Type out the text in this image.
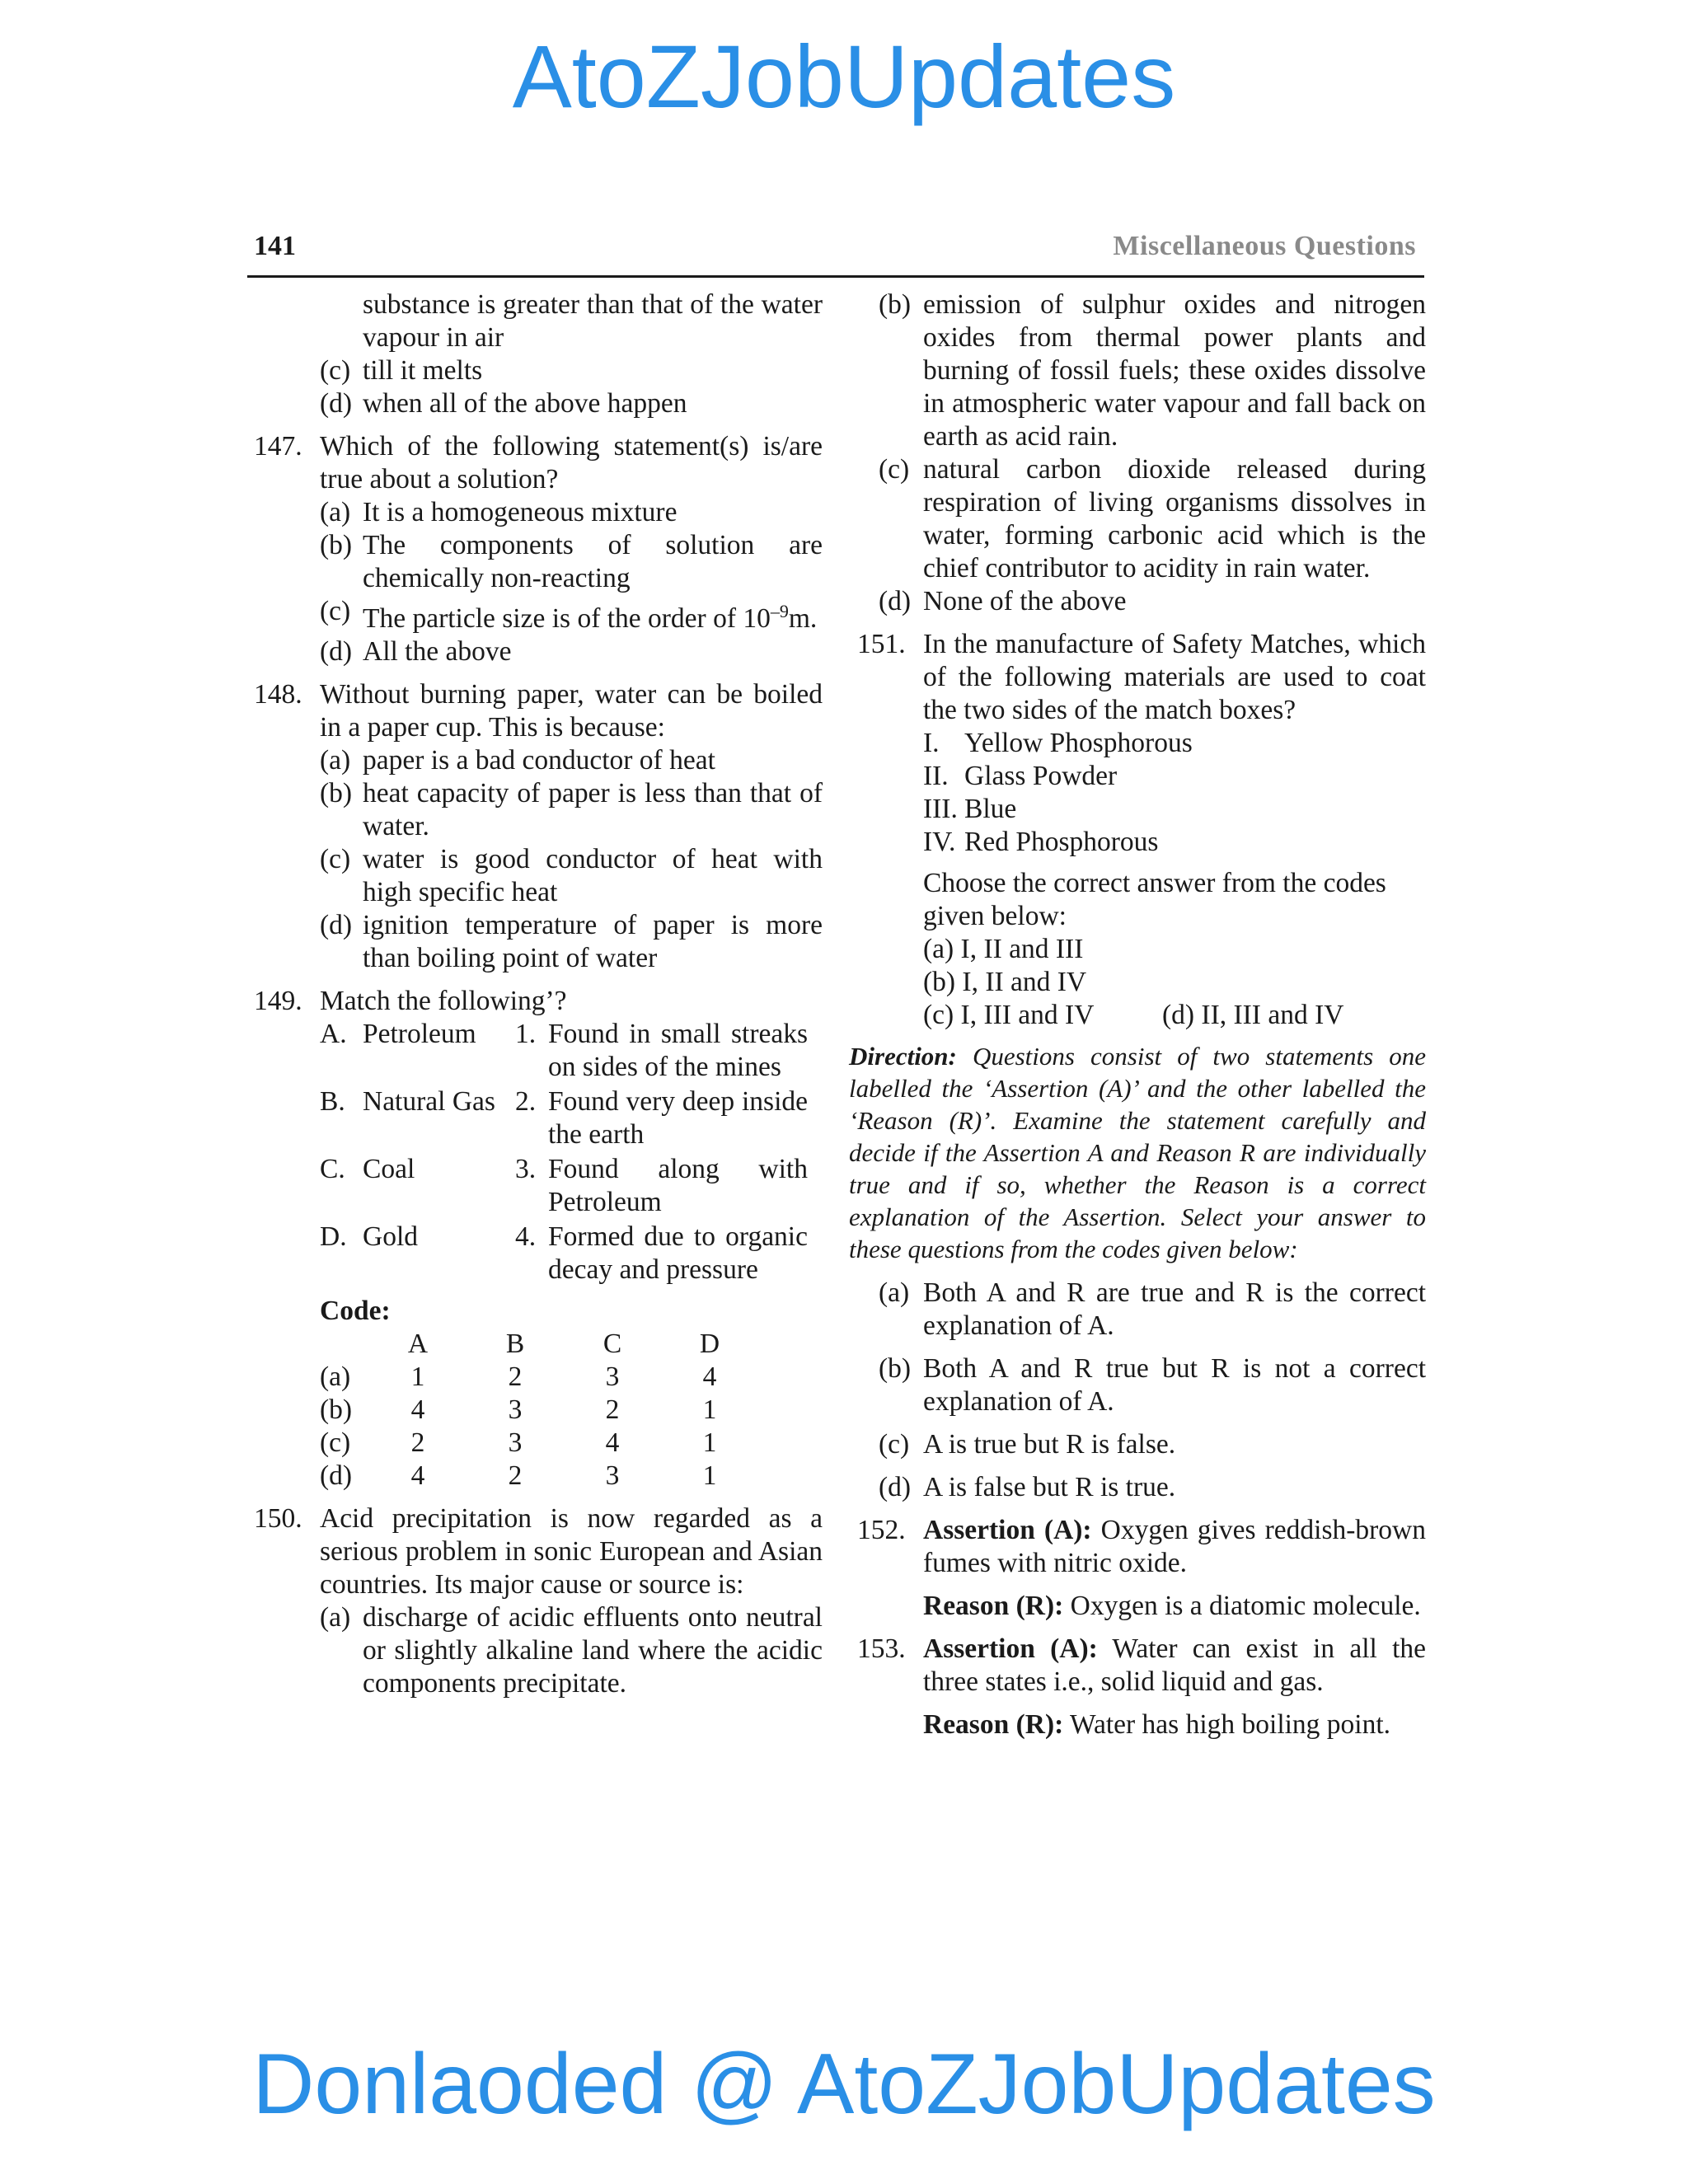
AtoZJobUpdates
141	Miscellaneous Questions
substance is greater than that of the water vapour in air
(c) till it melts
(d) when all of the above happen
147. Which of the following statement(s) is/are true about a solution?
(a) It is a homogeneous mixture
(b) The components of solution are chemically non-reacting
(c) The particle size is of the order of $10^{-9}m$.
(d) All the above
148. Without burning paper, water can be boiled in a paper cup. This is because:
(a) paper is a bad conductor of heat
(b) heat capacity of paper is less than that of water.
(c) water is good conductor of heat with high specific heat
(d) ignition temperature of paper is more than boiling point of water
149. Match the following’?
A.	Petroleum	1.	Found in small streaks on sides of the mines
B.	Natural Gas	2.	Found very deep inside the earth
C.	Coal	3.	Found along with Petroleum
D.	Gold	4.	Formed due to organic decay and pressure
Code:
	A	B	C	D
(a)	1	2	3	4
(b)	4	3	2	1
(c)	2	3	4	1
(d)	4	2	3	1
150. Acid precipitation is now regarded as a serious problem in sonic European and Asian countries. Its major cause or source is:
(a) discharge of acidic effluents onto neutral or slightly alkaline land where the acidic components precipitate.
(b) emission of sulphur oxides and nitrogen oxides from thermal power plants and burning of fossil fuels; these oxides dissolve in atmospheric water vapour and fall back on earth as acid rain.
(c) natural carbon dioxide released during respiration of living organisms dissolves in water, forming carbonic acid which is the chief contributor to acidity in rain water.
(d) None of the above
151. In the manufacture of Safety Matches, which of the following materials are used to coat the two sides of the match boxes?
I. Yellow Phosphorous
II. Glass Powder
III. Blue
IV. Red Phosphorous
Choose the correct answer from the codes given below:
(a) I, II and III
(b) I, II and IV
(c) I, III and IV (d) II, III and IV
Direction: Questions consist of two statements one labelled the ‘Assertion (A)’ and the other labelled the ‘Reason (R)’. Examine the statement carefully and decide if the Assertion A and Reason R are individually true and if so, whether the Reason is a correct explanation of the Assertion. Select your answer to these questions from the codes given below:
(a) Both A and R are true and R is the correct explanation of A.
(b) Both A and R true but R is not a correct explanation of A.
(c) A is true but R is false.
(d) A is false but R is true.
152. Assertion (A): Oxygen gives reddish-brown fumes with nitric oxide.
Reason (R): Oxygen is a diatomic molecule.
153. Assertion (A): Water can exist in all the three states i.e., solid liquid and gas.
Reason (R): Water has high boiling point.
Donlaoded @ AtoZJobUpdates
